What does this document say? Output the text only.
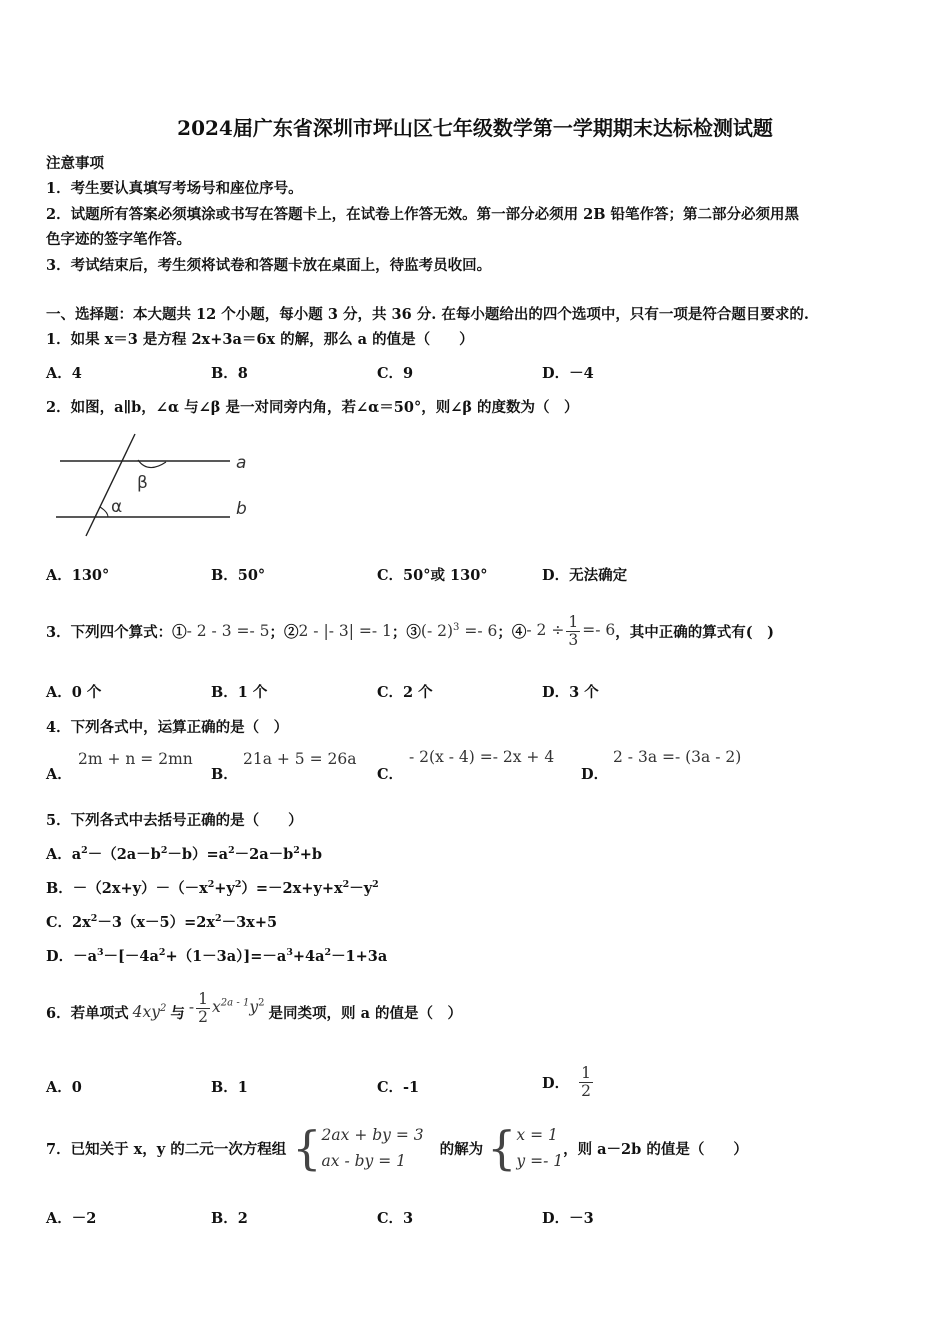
2024届广东省深圳市坪山区七年级数学第一学期期末达标检测试题
注意事项
1．考生要认真填写考场号和座位序号。
2．试题所有答案必须填涂或书写在答题卡上，在试卷上作答无效。第一部分必须用 2B 铅笔作答；第二部分必须用黑
色字迹的签字笔作答。
3．考试结束后，考生须将试卷和答题卡放在桌面上，待监考员收回。
一、选择题：本大题共 12 个小题，每小题 3 分，共 36 分. 在每小题给出的四个选项中，只有一项是符合题目要求的.
1．如果 x＝3 是方程 2x+3a＝6x 的解，那么 a 的值是（　　）
A．4	B．8	C．9	D．－4
2．如图，a∥b，∠α 与∠β 是一对同旁内角，若∠α＝50°，则∠β 的度数为（　）
a
b
β
α
A．130°	B．50°	C．50°或 130°	D．无法确定
3．下列四个算式：① - 2 - 3 =- 5 ；② 2 - |- 3| =- 1 ；③ (- 2)$^3$ =- 6 ；④ - $2 \div \frac{1}{3} =- 6$ ，其中正确的算式有(　)
A．0 个	B．1 个	C．2 个	D．3 个
4．下列各式中，运算正确的是（　）
A．
2m + n = 2mn
B．
21a + 5 = 26a
C．
- 2(x - 4) =- 2x + 4
D．
2 - 3a =- (3a - 2)
5．下列各式中去括号正确的是（　　）
A．$a^2-(2a-b^2-b)=a^2-2a-b^2+b$
B．$-(2x+y)-(-x^2+y^2)=-2x+y+x^2-y^2$
C．$2x^2-3(x-5)=2x^2-3x+5$
D．$-a^3-[-4a^2+(1-3a)]=-a^3+4a^2-1+3a$
6．若单项式 $4xy^2$ 与 - $\frac{1}{2} x^{2a - 1}y^2$
是同类项，则 a 的值是（　）
A．0	B．1	C．-1	D． $\frac{1}{2}$
7．已知关于 x，y 的二元一次方程组 { 2ax + by = 3
ax - by = 1
的解为 { x = 1
y =- 1
，则 a－2b 的值是（　　）
A．－2	B．2	C．3	D．－3
